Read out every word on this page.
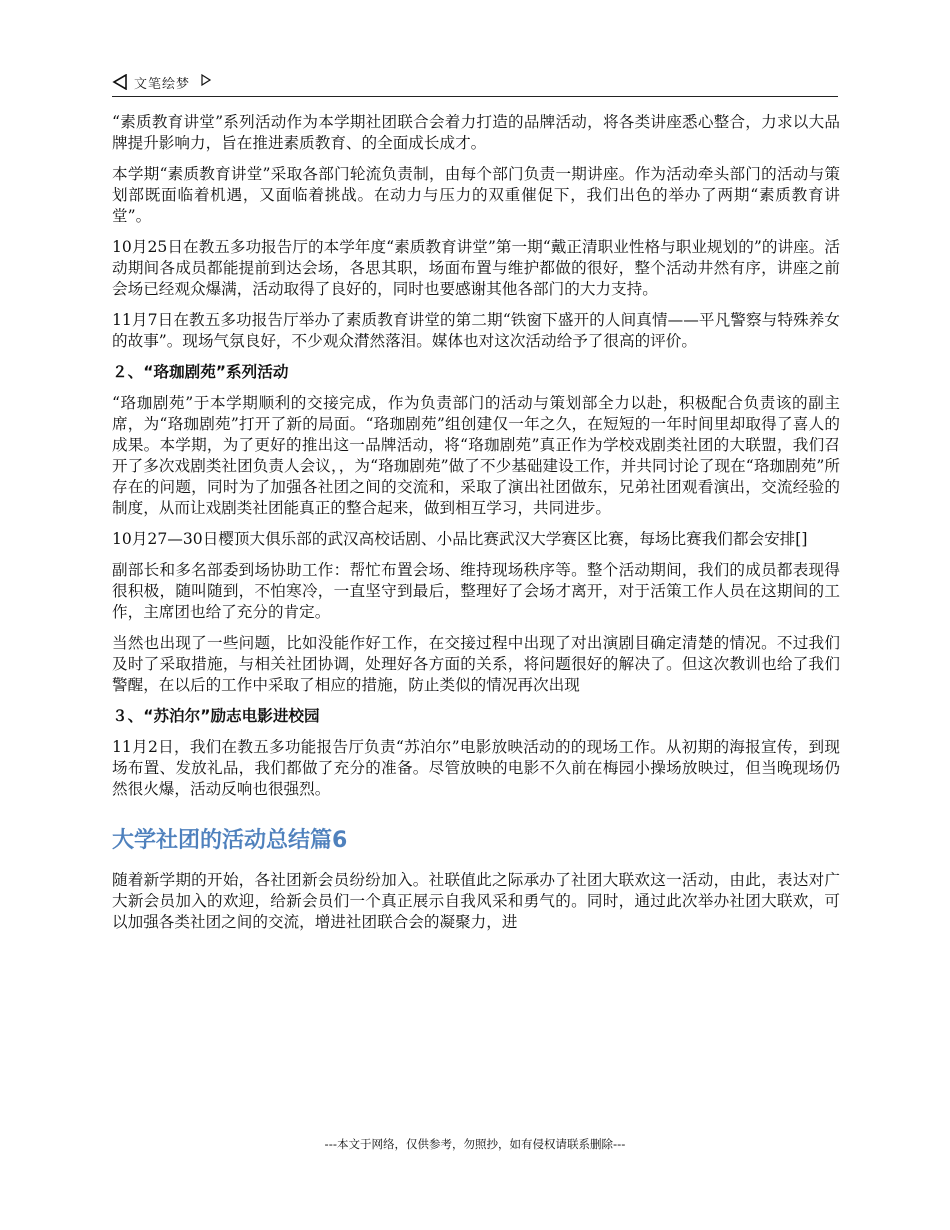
文笔绘梦

“素质教育讲堂”系列活动作为本学期社团联合会着力打造的品牌活动，将各类讲座悉心整合，力求以大品牌提升影响力，旨在推进素质教育、的全面成长成才。

本学期“素质教育讲堂”采取各部门轮流负责制，由每个部门负责一期讲座。作为活动牵头部门的活动与策划部既面临着机遇，又面临着挑战。在动力与压力的双重催促下，我们出色的举办了两期“素质教育讲堂”。

10月25日在教五多功报告厅的本学年度“素质教育讲堂”第一期“戴正清职业性格与职业规划的”的讲座。活动期间各成员都能提前到达会场，各思其职，场面布置与维护都做的很好，整个活动井然有序，讲座之前会场已经观众爆满，活动取得了良好的，同时也要感谢其他各部门的大力支持。

11月7日在教五多功报告厅举办了素质教育讲堂的第二期“铁窗下盛开的人间真情——平凡警察与特殊养女的故事”。现场气氛良好，不少观众潸然落泪。媒体也对这次活动给予了很高的评价。

２、“珞珈剧苑”系列活动

“珞珈剧苑”于本学期顺利的交接完成，作为负责部门的活动与策划部全力以赴，积极配合负责该的副主席，为“珞珈剧苑”打开了新的局面。“珞珈剧苑”组创建仅一年之久，在短短的一年时间里却取得了喜人的成果。本学期，为了更好的推出这一品牌活动，将“珞珈剧苑”真正作为学校戏剧类社团的大联盟，我们召开了多次戏剧类社团负责人会议，，为“珞珈剧苑”做了不少基础建设工作，并共同讨论了现在“珞珈剧苑”所存在的问题，同时为了加强各社团之间的交流和，采取了演出社团做东，兄弟社团观看演出，交流经验的制度，从而让戏剧类社团能真正的整合起来，做到相互学习，共同进步。

10月27—30日樱顶大俱乐部的武汉高校话剧、小品比赛武汉大学赛区比赛，每场比赛我们都会安排[]

副部长和多名部委到场协助工作：帮忙布置会场、维持现场秩序等。整个活动期间，我们的成员都表现得很积极，随叫随到，不怕寒冷，一直坚守到最后，整理好了会场才离开，对于活策工作人员在这期间的工作，主席团也给了充分的肯定。

当然也出现了一些问题，比如没能作好工作，在交接过程中出现了对出演剧目确定清楚的情况。不过我们及时了采取措施，与相关社团协调，处理好各方面的关系，将问题很好的解决了。但这次教训也给了我们警醒，在以后的工作中采取了相应的措施，防止类似的情况再次出现

３、“苏泊尔”励志电影进校园

11月2日，我们在教五多功能报告厅负责“苏泊尔”电影放映活动的的现场工作。从初期的海报宣传，到现场布置、发放礼品，我们都做了充分的准备。尽管放映的电影不久前在梅园小操场放映过，但当晚现场仍然很火爆，活动反响也很强烈。

大学社团的活动总结篇6

随着新学期的开始，各社团新会员纷纷加入。社联值此之际承办了社团大联欢这一活动，由此，表达对广大新会员加入的欢迎，给新会员们一个真正展示自我风采和勇气的。同时，通过此次举办社团大联欢，可以加强各类社团之间的交流，增进社团联合会的凝聚力，进

---本文于网络，仅供参考，勿照抄，如有侵权请联系删除---
